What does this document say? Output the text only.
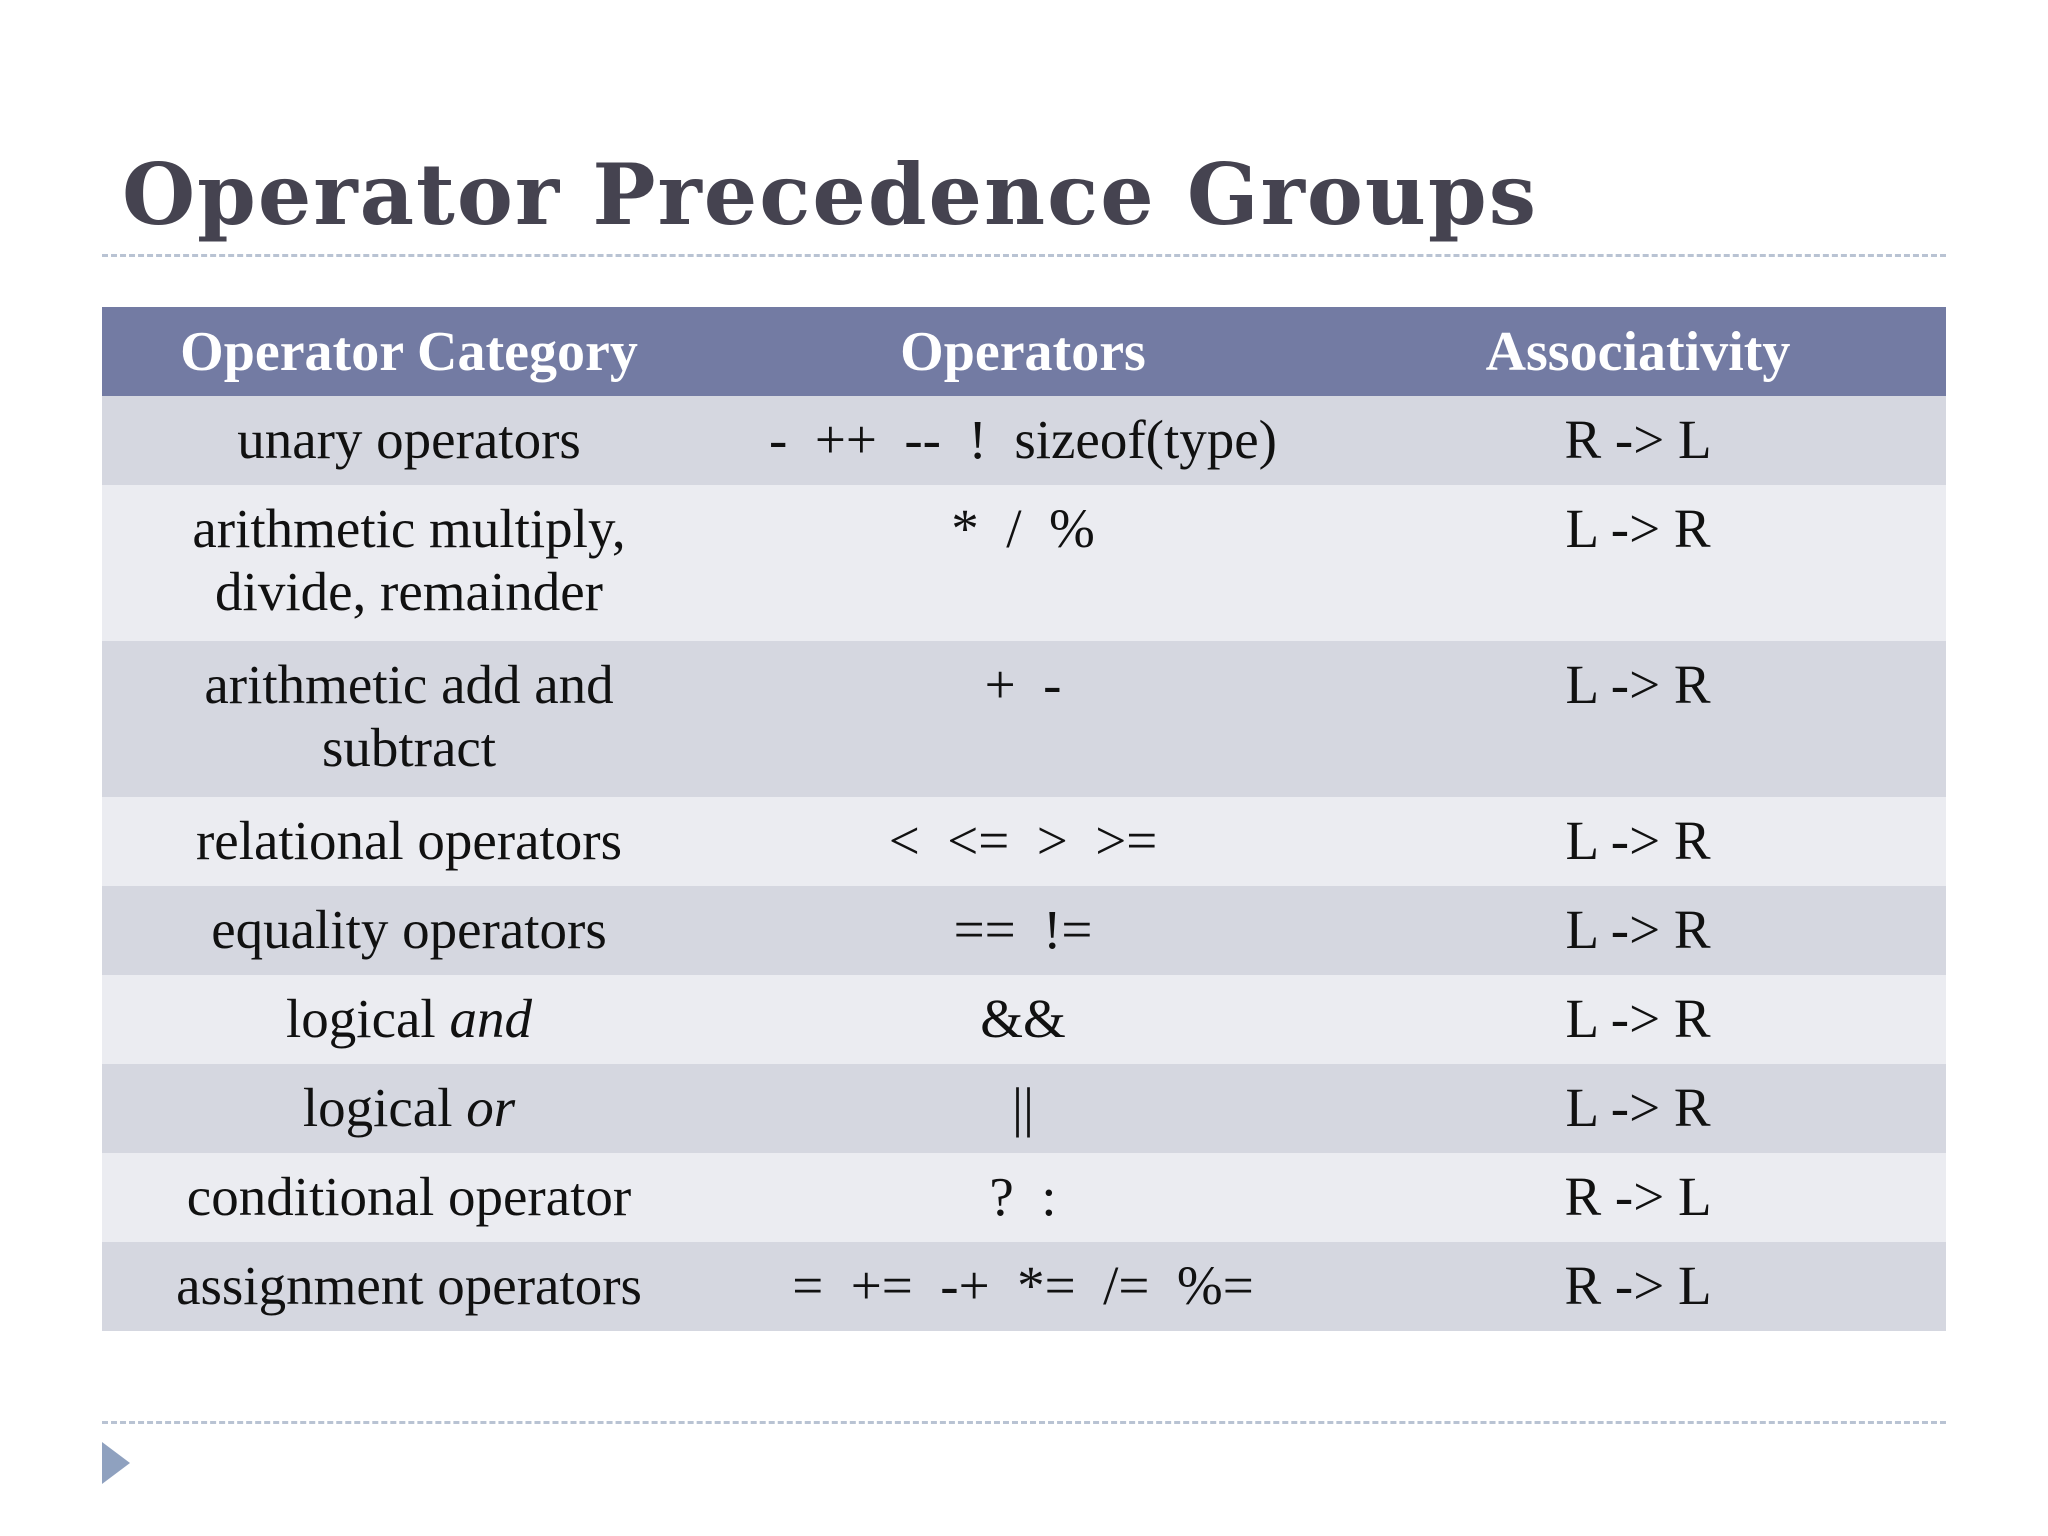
Operator Precedence Groups
Operator Category	Operators	Associativity
unary operators	-  ++  --  !  sizeof(type)	R -> L
arithmetic multiply, divide, remainder	*  /  %	L -> R
arithmetic add and subtract	+  -	L -> R
relational operators	<  <=  >  >=	L -> R
equality operators	==  !=	L -> R
logical and	&&	L -> R
logical or	||	L -> R
conditional operator	?  :	R -> L
assignment operators	=  +=  -+  *=  /=  %=	R -> L
